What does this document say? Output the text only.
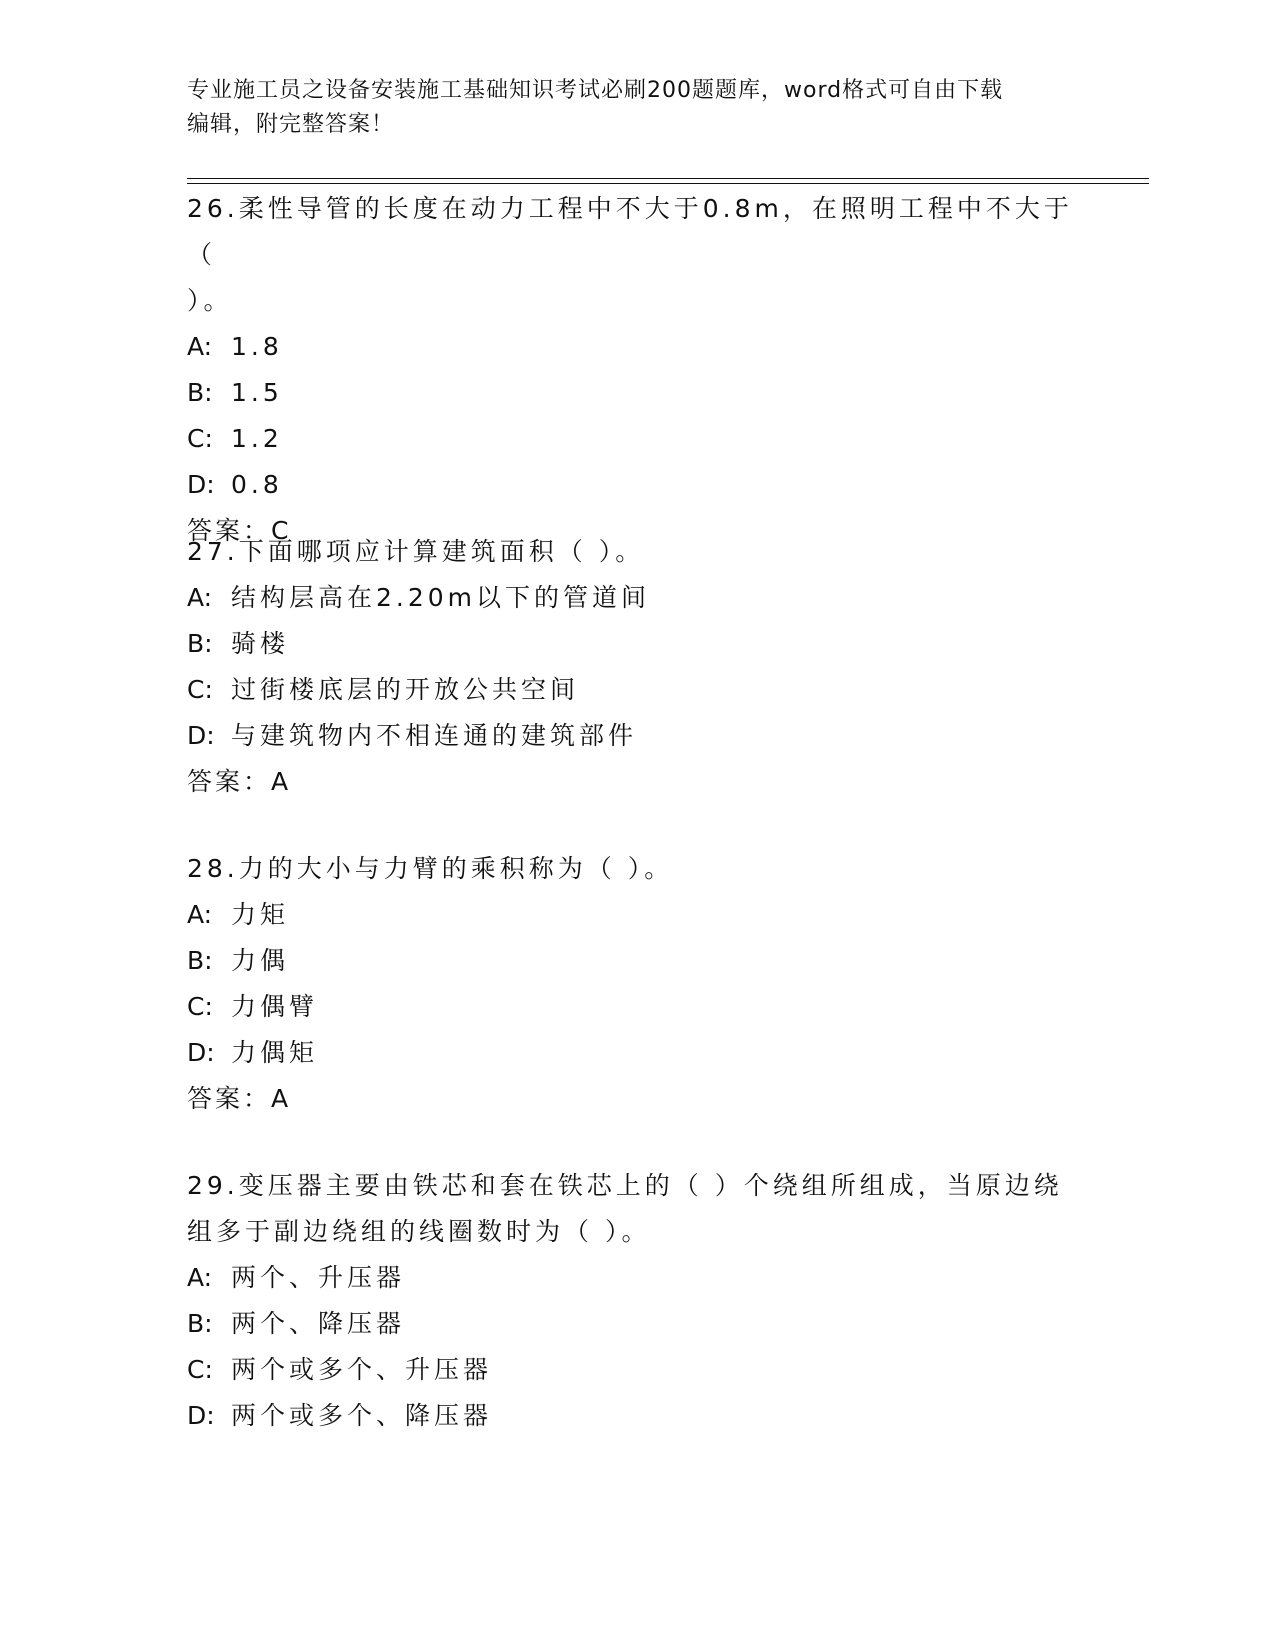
专业施工员之设备安装施工基础知识考试必刷200题题库，word格式可自由下载
编辑，附完整答案！

26.柔性导管的长度在动力工程中不大于0.8m，在照明工程中不大于（

）。

A: 1.8

B: 1.5

C: 1.2

D: 0.8

答案：C

27.下面哪项应计算建筑面积（ ）。

A: 结构层高在2.20m以下的管道间

B: 骑楼

C: 过街楼底层的开放公共空间

D: 与建筑物内不相连通的建筑部件

答案：A

28.力的大小与力臂的乘积称为（ ）。

A: 力矩

B: 力偶

C: 力偶臂

D: 力偶矩

答案：A

29.变压器主要由铁芯和套在铁芯上的（ ）个绕组所组成，当原边绕

组多于副边绕组的线圈数时为（ ）。

A: 两个、升压器

B: 两个、降压器

C: 两个或多个、升压器

D: 两个或多个、降压器
